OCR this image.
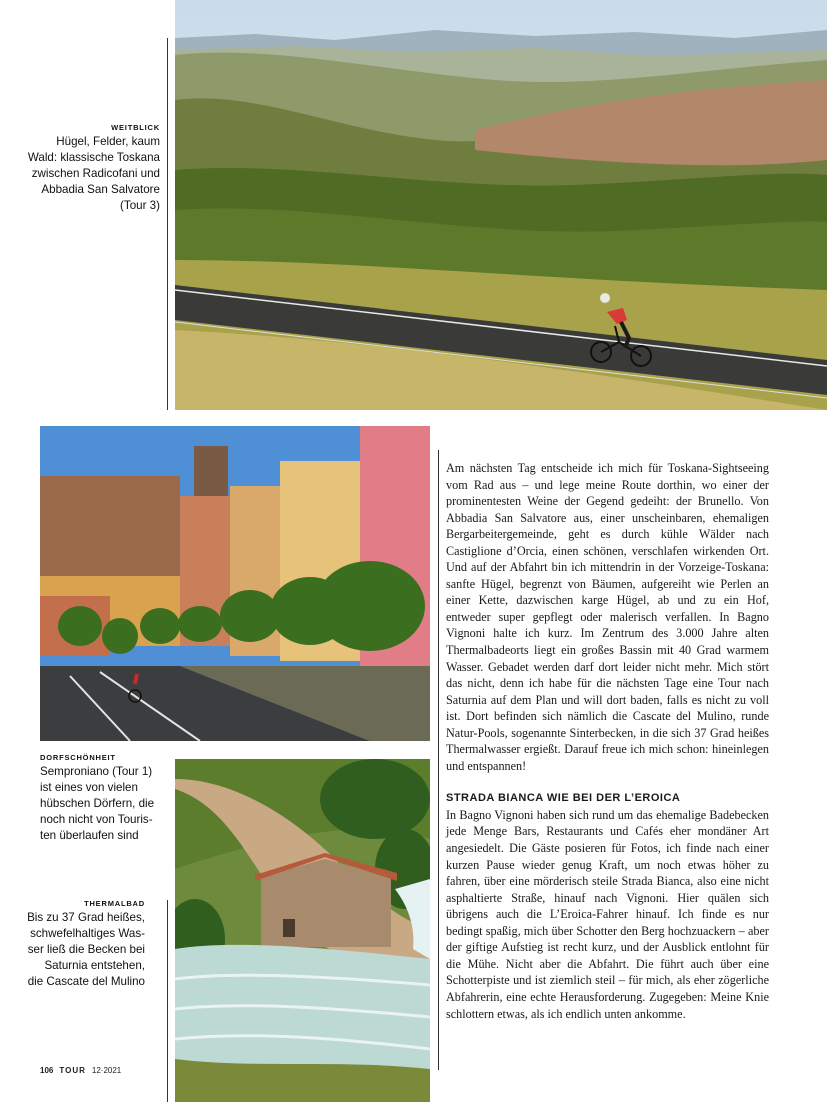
WEITBLICK
Hügel, Felder, kaum
Wald: klassische Toskana
zwischen Radicofani und
Abbadia San Salvatore
(Tour 3)
DORFSCHÖNHEIT
Semproniano (Tour 1)
ist eines von vielen
hübschen Dörfern, die
noch nicht von Touris-
ten überlaufen sind
THERMALBAD
Bis zu 37 Grad heißes,
schwefelhaltiges Was-
ser ließ die Becken bei
Saturnia entstehen,
die Cascate del Mulino

Am nächsten Tag entscheide ich mich für Toskana-Sightseeing vom Rad aus – und lege meine Route dorthin, wo einer der prominentesten Weine der Gegend gedeiht: der Brunello. Von Abbadia San Salvatore aus, einer unscheinbaren, ehemaligen Bergarbeitergemeinde, geht es durch kühle Wälder nach Castiglione d’Orcia, einen schönen, verschlafen wirkenden Ort. Und auf der Abfahrt bin ich mittendrin in der Vorzeige-Toskana: sanfte Hügel, begrenzt von Bäumen, aufgereiht wie Perlen an einer Kette, dazwischen karge Hügel, ab und zu ein Hof, entweder super gepflegt oder malerisch verfallen. In Bagno Vignoni halte ich kurz. Im Zentrum des 3.000 Jahre alten Thermalbadeorts liegt ein großes Bassin mit 40 Grad warmem Wasser. Gebadet werden darf dort leider nicht mehr. Mich stört das nicht, denn ich habe für die nächsten Tage eine Tour nach Saturnia auf dem Plan und will dort baden, falls es nicht zu voll ist. Dort befinden sich nämlich die Cascate del Mulino, runde Natur-Pools, sogenannte Sinterbecken, in die sich 37 Grad heißes Thermalwasser ergießt. Darauf freue ich mich schon: hineinlegen und entspannen!

STRADA BIANCA WIE BEI DER L’EROICA

In Bagno Vignoni haben sich rund um das ehemalige Badebecken jede Menge Bars, Restaurants und Cafés eher mondäner Art angesiedelt. Die Gäste posieren für Fotos, ich finde nach einer kurzen Pause wieder genug Kraft, um noch etwas höher zu fahren, über eine mörderisch steile Strada Bianca, also eine nicht asphaltierte Straße, hinauf nach Vignoni. Hier quälen sich übrigens auch die L’Eroica-Fahrer hinauf. Ich finde es nur bedingt spaßig, mich über Schotter den Berg hochzuackern – aber der giftige Aufstieg ist recht kurz, und der Ausblick entlohnt für die Mühe. Nicht aber die Abfahrt. Die führt auch über eine Schotterpiste und ist ziemlich steil – für mich, als eher zögerliche Abfahrerin, eine echte Herausforderung. Zugegeben: Meine Knie schlottern etwas, als ich endlich unten ankomme.

106 TOUR 12·2021
